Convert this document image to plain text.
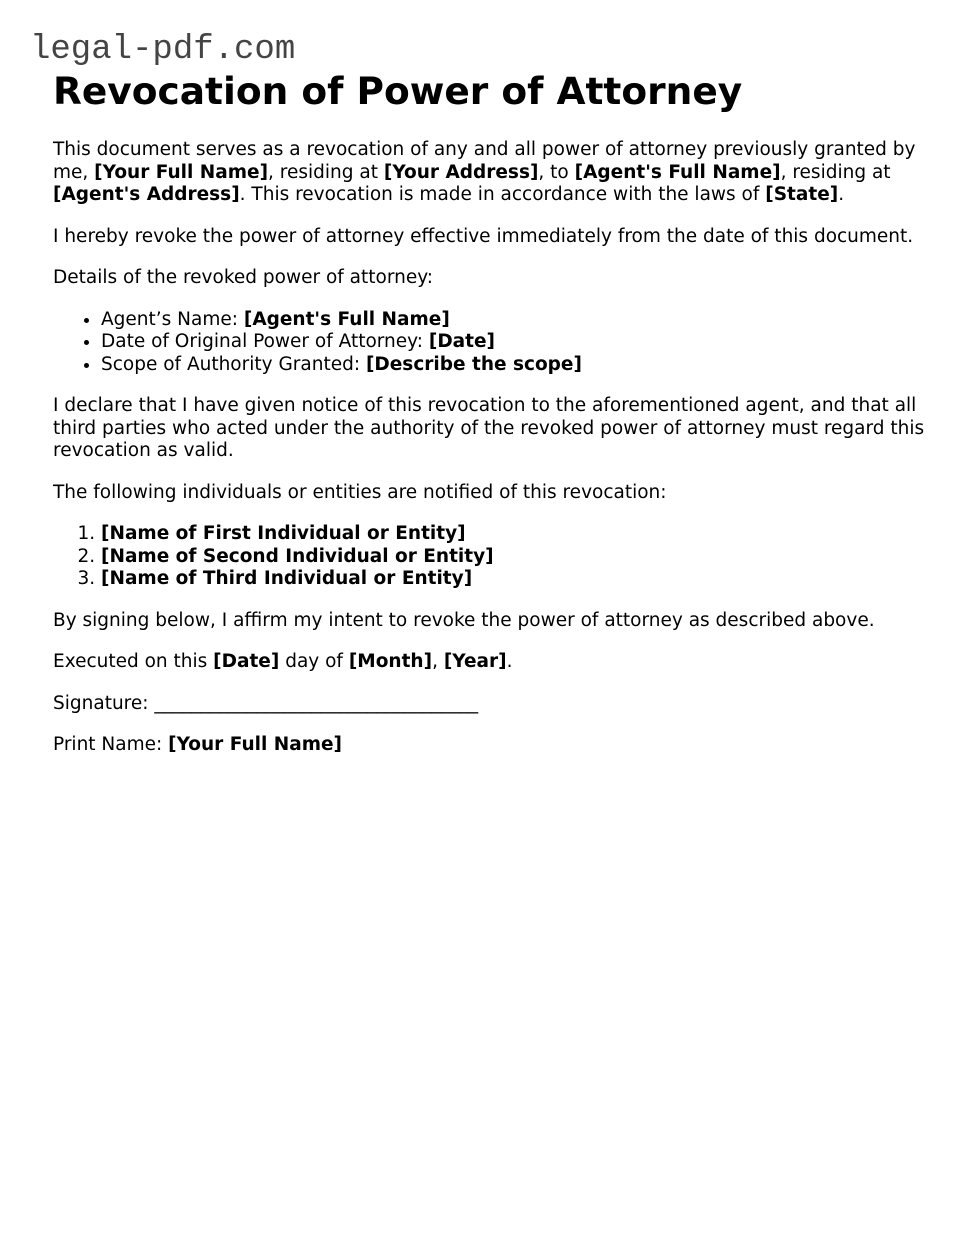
legal-pdf.com
Revocation of Power of Attorney

This document serves as a revocation of any and all power of attorney previously granted by me, [Your Full Name], residing at [Your Address], to [Agent's Full Name], residing at [Agent's Address]. This revocation is made in accordance with the laws of [State].

I hereby revoke the power of attorney effective immediately from the date of this document.

Details of the revoked power of attorney:

• Agent’s Name: [Agent's Full Name]
• Date of Original Power of Attorney: [Date]
• Scope of Authority Granted: [Describe the scope]

I declare that I have given notice of this revocation to the aforementioned agent, and that all third parties who acted under the authority of the revoked power of attorney must regard this revocation as valid.

The following individuals or entities are notified of this revocation:

1. [Name of First Individual or Entity]
2. [Name of Second Individual or Entity]
3. [Name of Third Individual or Entity]

By signing below, I affirm my intent to revoke the power of attorney as described above.

Executed on this [Date] day of [Month], [Year].

Signature: ___________________________________

Print Name: [Your Full Name]
